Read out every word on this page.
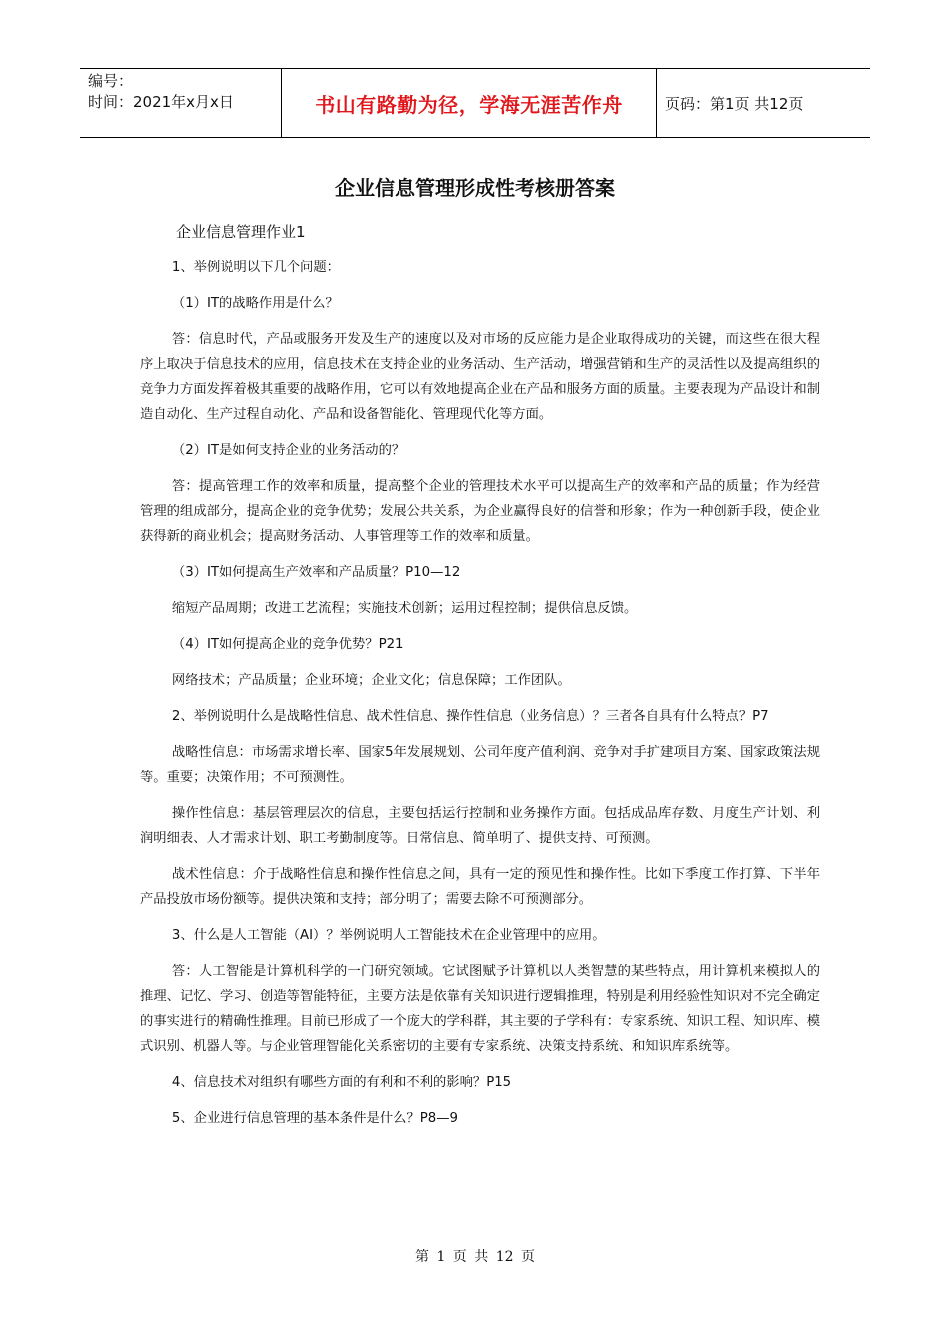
编号：
时间：2021年x月x日	书山有路勤为径，学海无涯苦作舟	页码：第1页 共12页
企业信息管理形成性考核册答案

企业信息管理作业1

1、举例说明以下几个问题：

（1）IT的战略作用是什么？

答：信息时代，产品或服务开发及生产的速度以及对市场的反应能力是企业取得成功的关键，而这些在很大程序上取决于信息技术的应用，信息技术在支持企业的业务活动、生产活动，增强营销和生产的灵活性以及提高组织的竞争力方面发挥着极其重要的战略作用，它可以有效地提高企业在产品和服务方面的质量。主要表现为产品设计和制造自动化、生产过程自动化、产品和设备智能化、管理现代化等方面。

（2）IT是如何支持企业的业务活动的？

答：提高管理工作的效率和质量，提高整个企业的管理技术水平可以提高生产的效率和产品的质量；作为经营管理的组成部分，提高企业的竞争优势；发展公共关系，为企业赢得良好的信誉和形象；作为一种创新手段，使企业获得新的商业机会；提高财务活动、人事管理等工作的效率和质量。

（3）IT如何提高生产效率和产品质量？P10—12

缩短产品周期；改进工艺流程；实施技术创新；运用过程控制；提供信息反馈。

（4）IT如何提高企业的竞争优势？P21

网络技术；产品质量；企业环境；企业文化；信息保障；工作团队。

2、举例说明什么是战略性信息、战术性信息、操作性信息（业务信息）？三者各自具有什么特点？P7

战略性信息：市场需求增长率、国家5年发展规划、公司年度产值利润、竞争对手扩建项目方案、国家政策法规等。重要；决策作用；不可预测性。

操作性信息：基层管理层次的信息，主要包括运行控制和业务操作方面。包括成品库存数、月度生产计划、利润明细表、人才需求计划、职工考勤制度等。日常信息、简单明了、提供支持、可预测。

战术性信息：介于战略性信息和操作性信息之间，具有一定的预见性和操作性。比如下季度工作打算、下半年产品投放市场份额等。提供决策和支持；部分明了；需要去除不可预测部分。

3、什么是人工智能（AI）？举例说明人工智能技术在企业管理中的应用。

答：人工智能是计算机科学的一门研究领域。它试图赋予计算机以人类智慧的某些特点，用计算机来模拟人的推理、记忆、学习、创造等智能特征，主要方法是依靠有关知识进行逻辑推理，特别是利用经验性知识对不完全确定的事实进行的精确性推理。目前已形成了一个庞大的学科群，其主要的子学科有：专家系统、知识工程、知识库、模式识别、机器人等。与企业管理智能化关系密切的主要有专家系统、决策支持系统、和知识库系统等。

4、信息技术对组织有哪些方面的有利和不利的影响？P15

5、企业进行信息管理的基本条件是什么？P8—9

第 1 页 共 12 页
